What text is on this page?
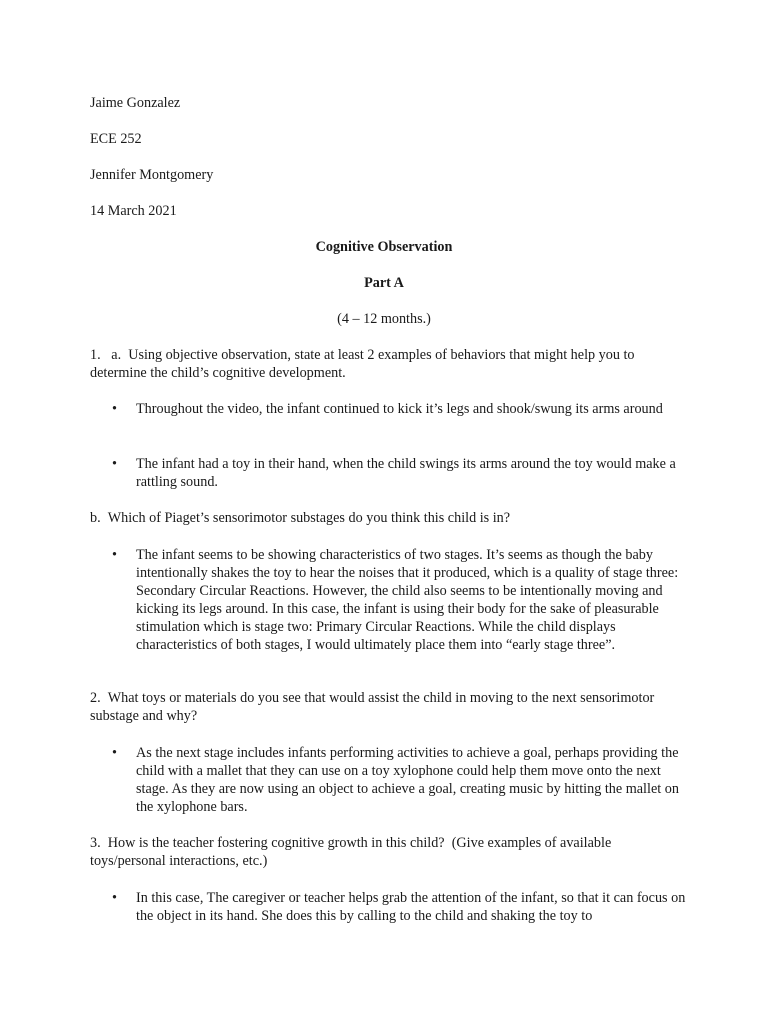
Jaime Gonzalez

ECE 252

Jennifer Montgomery

14 March 2021

Cognitive Observation

Part A

(4 – 12 months.)

1.   a.  Using objective observation, state at least 2 examples of behaviors that might help you to determine the child’s cognitive development.

• Throughout the video, the infant continued to kick it’s legs and shook/swung its arms around

• The infant had a toy in their hand, when the child swings its arms around the toy would make a rattling sound.

b.  Which of Piaget’s sensorimotor substages do you think this child is in?

• The infant seems to be showing characteristics of two stages. It’s seems as though the baby intentionally shakes the toy to hear the noises that it produced, which is a quality of stage three: Secondary Circular Reactions. However, the child also seems to be intentionally moving and kicking its legs around. In this case, the infant is using their body for the sake of pleasurable stimulation which is stage two: Primary Circular Reactions. While the child displays characteristics of both stages, I would ultimately place them into “early stage three”.

2.  What toys or materials do you see that would assist the child in moving to the next sensorimotor substage and why?

• As the next stage includes infants performing activities to achieve a goal, perhaps providing the child with a mallet that they can use on a toy xylophone could help them move onto the next stage. As they are now using an object to achieve a goal, creating music by hitting the mallet on the xylophone bars.

3.  How is the teacher fostering cognitive growth in this child?  (Give examples of available toys/personal interactions, etc.)

• In this case, The caregiver or teacher helps grab the attention of the infant, so that it can focus on the object in its hand. She does this by calling to the child and shaking the toy to
